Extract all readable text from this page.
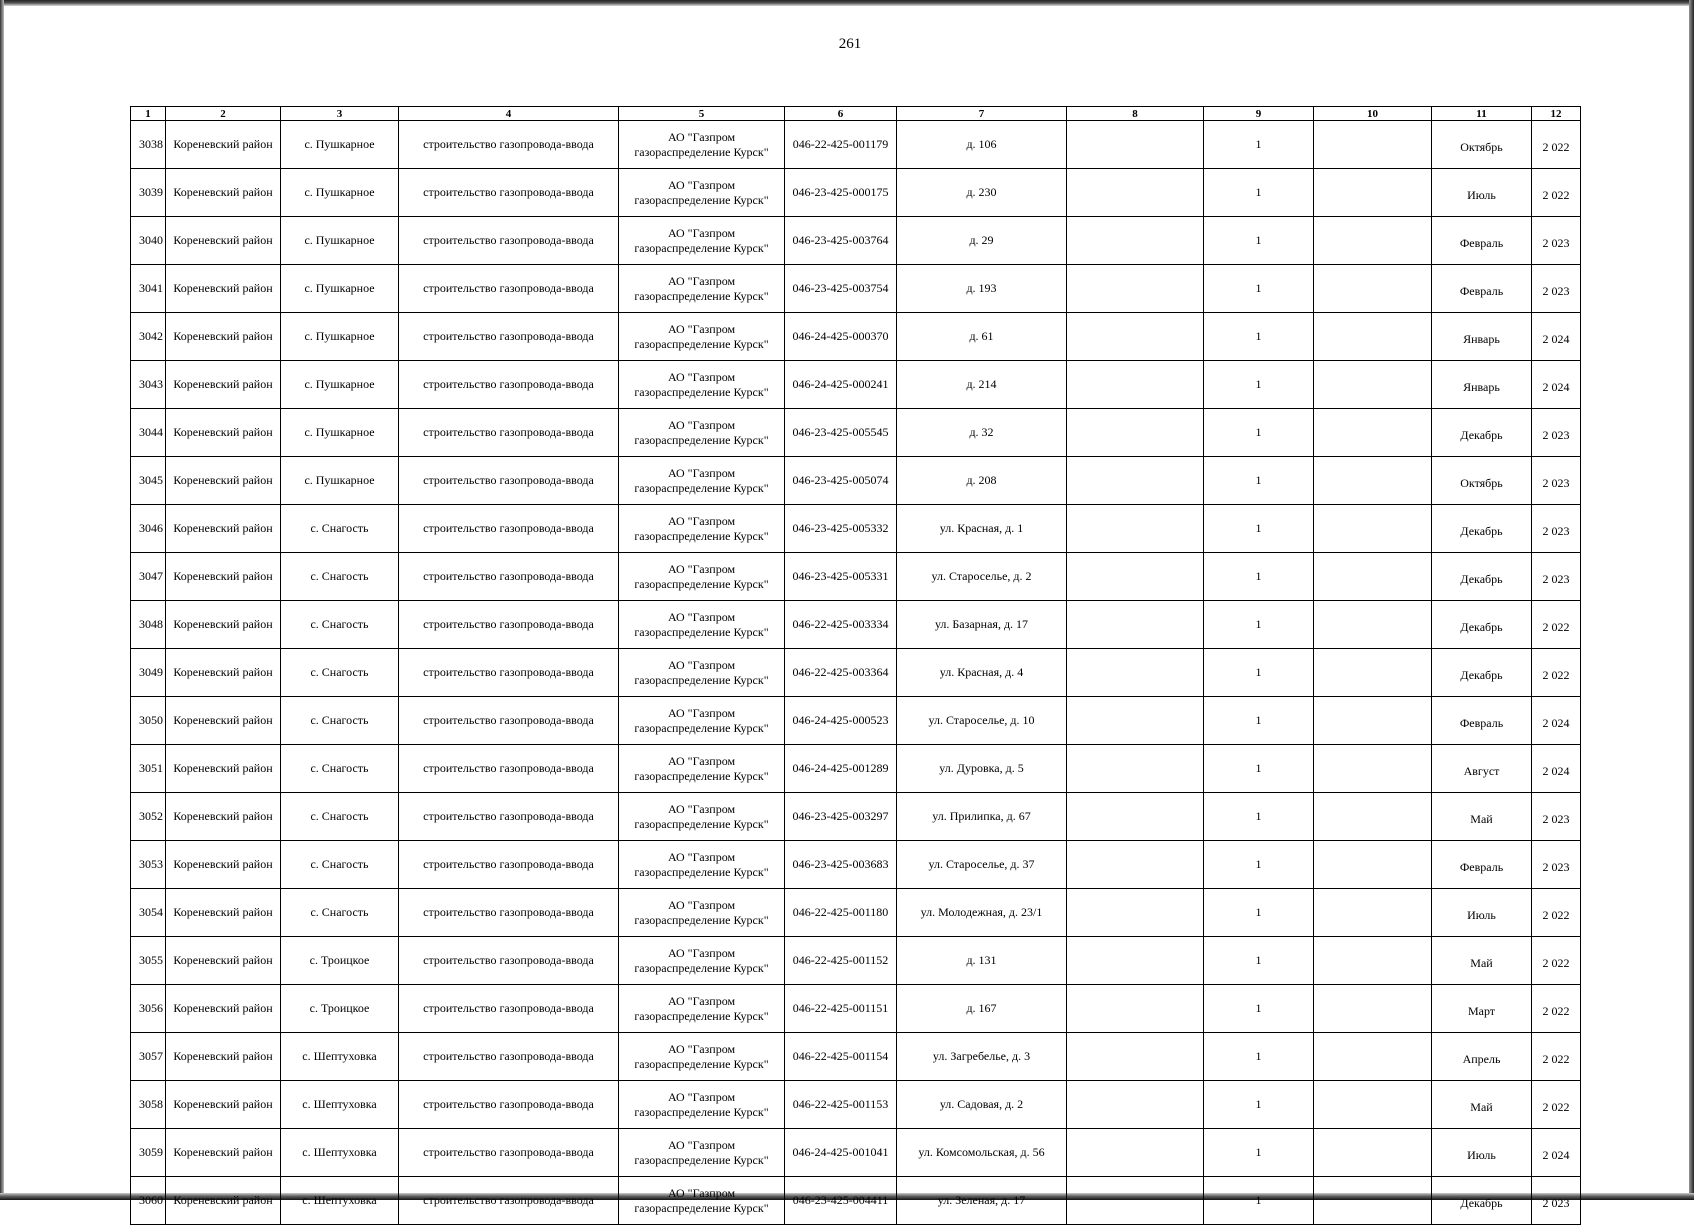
261
1	2	3	4	5	6	7	8	9	10	11	12
3038	Кореневский район	с. Пушкарное	строительство газопровода-ввода	АО "Газпром
газораспределение Курск"	046-22-425-001179	д. 106		1		Октябрь	2 022
3039	Кореневский район	с. Пушкарное	строительство газопровода-ввода	АО "Газпром
газораспределение Курск"	046-23-425-000175	д. 230		1		Июль	2 022
3040	Кореневский район	с. Пушкарное	строительство газопровода-ввода	АО "Газпром
газораспределение Курск"	046-23-425-003764	д. 29		1		Февраль	2 023
3041	Кореневский район	с. Пушкарное	строительство газопровода-ввода	АО "Газпром
газораспределение Курск"	046-23-425-003754	д. 193		1		Февраль	2 023
3042	Кореневский район	с. Пушкарное	строительство газопровода-ввода	АО "Газпром
газораспределение Курск"	046-24-425-000370	д. 61		1		Январь	2 024
3043	Кореневский район	с. Пушкарное	строительство газопровода-ввода	АО "Газпром
газораспределение Курск"	046-24-425-000241	д. 214		1		Январь	2 024
3044	Кореневский район	с. Пушкарное	строительство газопровода-ввода	АО "Газпром
газораспределение Курск"	046-23-425-005545	д. 32		1		Декабрь	2 023
3045	Кореневский район	с. Пушкарное	строительство газопровода-ввода	АО "Газпром
газораспределение Курск"	046-23-425-005074	д. 208		1		Октябрь	2 023
3046	Кореневский район	с. Снагость	строительство газопровода-ввода	АО "Газпром
газораспределение Курск"	046-23-425-005332	ул. Красная, д. 1		1		Декабрь	2 023
3047	Кореневский район	с. Снагость	строительство газопровода-ввода	АО "Газпром
газораспределение Курск"	046-23-425-005331	ул. Староселье, д. 2		1		Декабрь	2 023
3048	Кореневский район	с. Снагость	строительство газопровода-ввода	АО "Газпром
газораспределение Курск"	046-22-425-003334	ул. Базарная, д. 17		1		Декабрь	2 022
3049	Кореневский район	с. Снагость	строительство газопровода-ввода	АО "Газпром
газораспределение Курск"	046-22-425-003364	ул. Красная, д. 4		1		Декабрь	2 022
3050	Кореневский район	с. Снагость	строительство газопровода-ввода	АО "Газпром
газораспределение Курск"	046-24-425-000523	ул. Староселье, д. 10		1		Февраль	2 024
3051	Кореневский район	с. Снагость	строительство газопровода-ввода	АО "Газпром
газораспределение Курск"	046-24-425-001289	ул. Дуровка, д. 5		1		Август	2 024
3052	Кореневский район	с. Снагость	строительство газопровода-ввода	АО "Газпром
газораспределение Курск"	046-23-425-003297	ул. Прилипка, д. 67		1		Май	2 023
3053	Кореневский район	с. Снагость	строительство газопровода-ввода	АО "Газпром
газораспределение Курск"	046-23-425-003683	ул. Староселье, д. 37		1		Февраль	2 023
3054	Кореневский район	с. Снагость	строительство газопровода-ввода	АО "Газпром
газораспределение Курск"	046-22-425-001180	ул. Молодежная, д. 23/1		1		Июль	2 022
3055	Кореневский район	с. Троицкое	строительство газопровода-ввода	АО "Газпром
газораспределение Курск"	046-22-425-001152	д. 131		1		Май	2 022
3056	Кореневский район	с. Троицкое	строительство газопровода-ввода	АО "Газпром
газораспределение Курск"	046-22-425-001151	д. 167		1		Март	2 022
3057	Кореневский район	с. Шептуховка	строительство газопровода-ввода	АО "Газпром
газораспределение Курск"	046-22-425-001154	ул. Загребелье, д. 3		1		Апрель	2 022
3058	Кореневский район	с. Шептуховка	строительство газопровода-ввода	АО "Газпром
газораспределение Курск"	046-22-425-001153	ул. Садовая, д. 2		1		Май	2 022
3059	Кореневский район	с. Шептуховка	строительство газопровода-ввода	АО "Газпром
газораспределение Курск"	046-24-425-001041	ул. Комсомольская, д. 56		1		Июль	2 024
3060	Кореневский район	с. Шептуховка	строительство газопровода-ввода	АО "Газпром
газораспределение Курск"	046-23-425-004411	ул. Зеленая, д. 17		1		Декабрь	2 023
